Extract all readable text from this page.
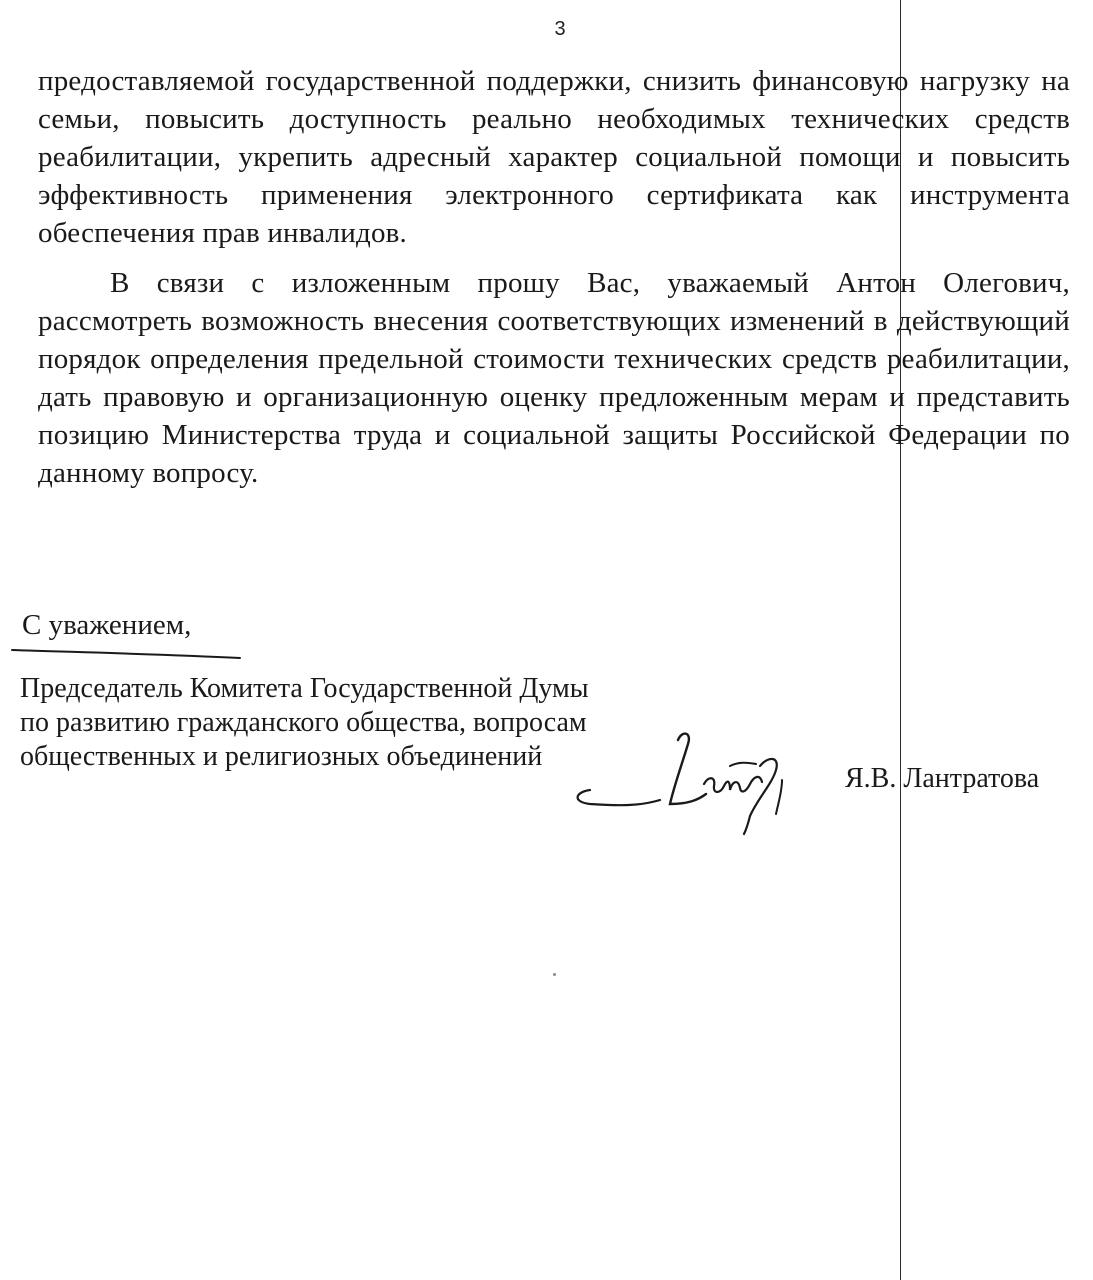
3

предоставляемой государственной поддержки, снизить финансовую нагрузку на семьи, повысить доступность реально необходимых технических средств реабилитации, укрепить адресный характер социальной помощи и повысить эффективность применения электронного сертификата как инструмента обеспечения прав инвалидов.

В связи с изложенным прошу Вас, уважаемый Антон Олегович, рассмотреть возможность внесения соответствующих изменений в действующий порядок определения предельной стоимости технических средств реабилитации, дать правовую и организационную оценку предложенным мерам и представить позицию Министерства труда и социальной защиты Российской Федерации по данному вопросу.

С уважением,
Председатель Комитета Государственной Думы
по развитию гражданского общества, вопросам
общественных и религиозных объединений
Я.В. Лантратова
